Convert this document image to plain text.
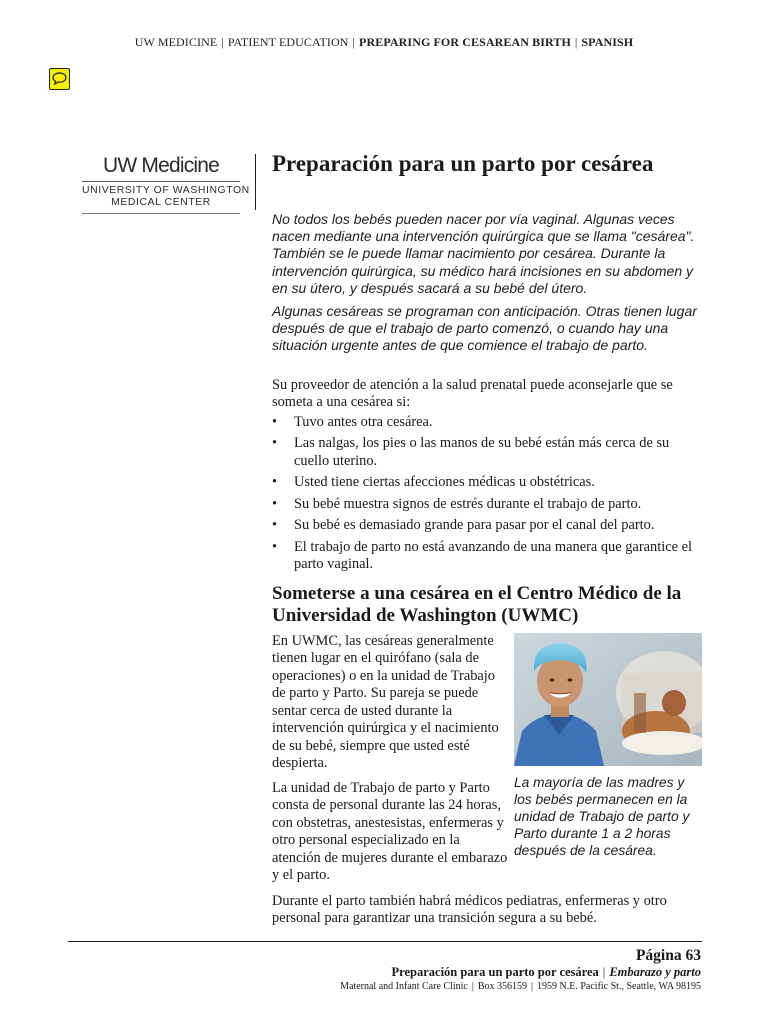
UW MEDICINE | PATIENT EDUCATION | PREPARING FOR CESAREAN BIRTH | SPANISH
UW Medicine
UNIVERSITY OF WASHINGTON
MEDICAL CENTER
Preparación para un parto por cesárea

No todos los bebés pueden nacer por vía vaginal. Algunas veces nacen mediante una intervención quirúrgica que se llama "cesárea". También se le puede llamar nacimiento por cesárea. Durante la intervención quirúrgica, su médico hará incisiones en su abdomen y en su útero, y después sacará a su bebé del útero.

Algunas cesáreas se programan con anticipación. Otras tienen lugar después de que el trabajo de parto comenzó, o cuando hay una situación urgente antes de que comience el trabajo de parto.

Su proveedor de atención a la salud prenatal puede aconsejarle que se someta a una cesárea si:

• Tuvo antes otra cesárea.
• Las nalgas, los pies o las manos de su bebé están más cerca de su cuello uterino.
• Usted tiene ciertas afecciones médicas u obstétricas.
• Su bebé muestra signos de estrés durante el trabajo de parto.
• Su bebé es demasiado grande para pasar por el canal del parto.
• El trabajo de parto no está avanzando de una manera que garantice el parto vaginal.
Someterse a una cesárea en el Centro Médico de la Universidad de Washington (UWMC)

En UWMC, las cesáreas generalmente tienen lugar en el quirófano (sala de operaciones) o en la unidad de Trabajo de parto y Parto. Su pareja se puede sentar cerca de usted durante la intervención quirúrgica y el nacimiento de su bebé, siempre que usted esté despierta.

La unidad de Trabajo de parto y Parto consta de personal durante las 24 horas, con obstetras, anestesistas, enfermeras y otro personal especializado en la atención de mujeres durante el embarazo y el parto.

La mayoría de las madres y los bebés permanecen en la unidad de Trabajo de parto y Parto durante 1 a 2 horas después de la cesárea.

Durante el parto también habrá médicos pediatras, enfermeras y otro personal para garantizar una transición segura a su bebé.

Página 63
Preparación para un parto por cesárea | Embarazo y parto
Maternal and Infant Care Clinic | Box 356159 | 1959 N.E. Pacific St., Seattle, WA 98195
